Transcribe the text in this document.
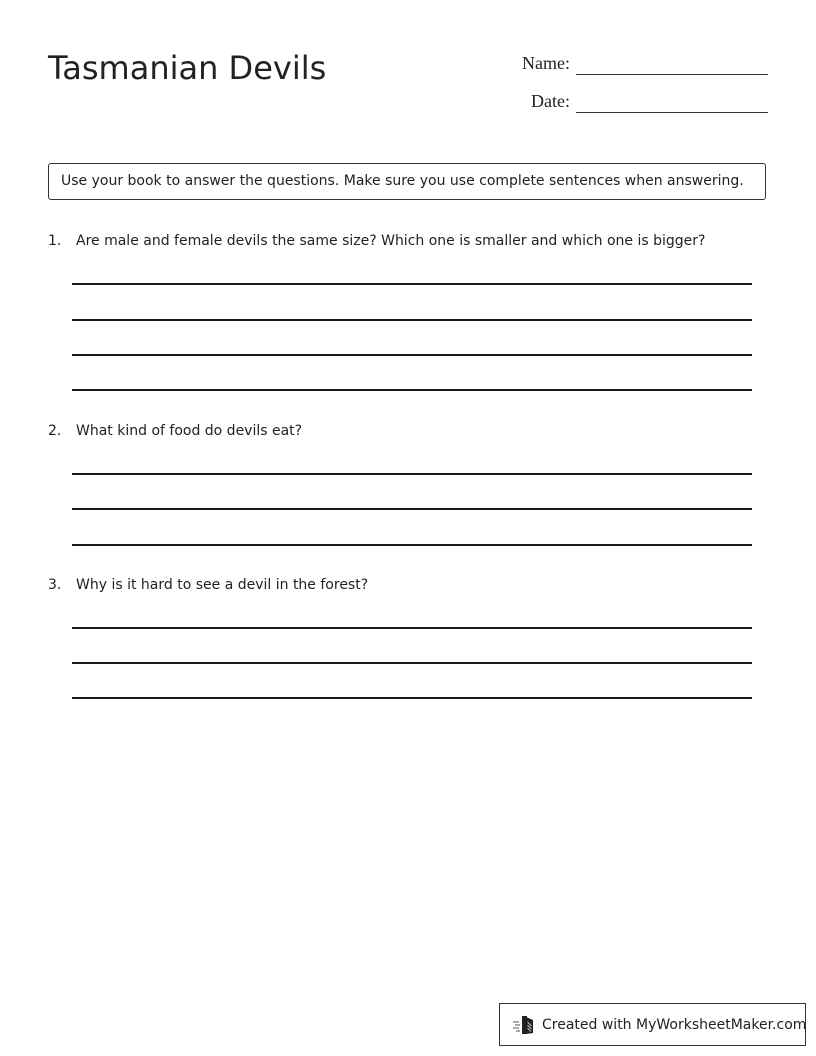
Tasmanian Devils	Name:
Date:
Use your book to answer the questions. Make sure you use complete sentences when answering.
1. Are male and female devils the same size? Which one is smaller and which one is bigger?
2. What kind of food do devils eat?
3. Why is it hard to see a devil in the forest?
Created with MyWorksheetMaker.com
